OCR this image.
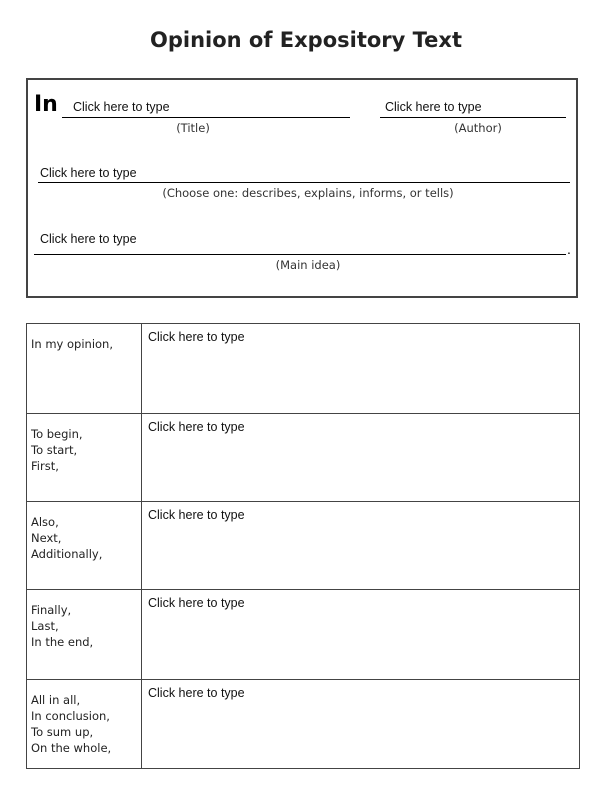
Opinion of Expository Text
In Click here to type
(Title)
Click here to type
(Author)
Click here to type
(Choose one: describes, explains, informs, or tells)
Click here to type
.
(Main idea)
In my opinion,	Click here to type

To begin,
To start,
First,	Click here to type

Also,
Next,
Additionally,	Click here to type

Finally,
Last,
In the end,	Click here to type

All in all,
In conclusion,
To sum up,
On the whole,	Click here to type
